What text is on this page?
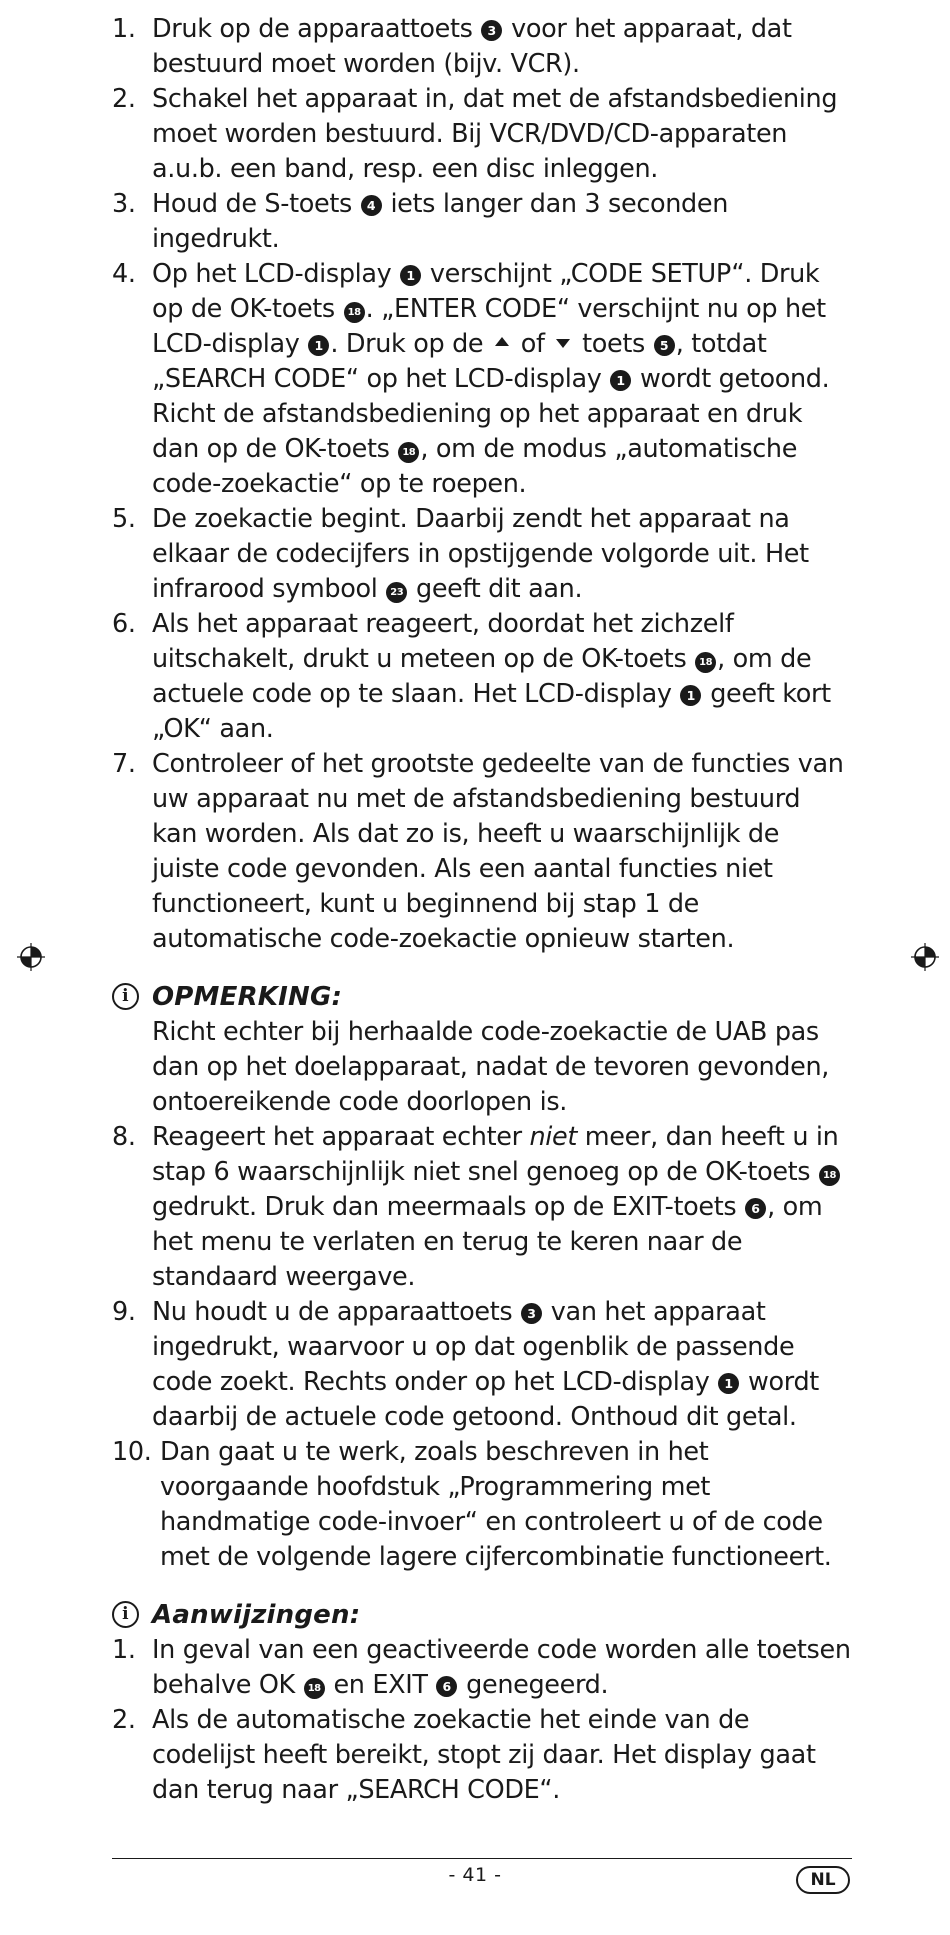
1. Druk op de apparaattoets 3 voor het apparaat, dat bestuurd moet worden (bijv. VCR).
2. Schakel het apparaat in, dat met de afstandsbediening moet worden bestuurd. Bij VCR/DVD/CD-apparaten a.u.b. een band, resp. een disc inleggen.
3. Houd de S-toets 4 iets langer dan 3 seconden ingedrukt.
4. Op het LCD-display 1 verschijnt „CODE SETUP“. Druk op de OK-toets 18 . „ENTER CODE“ verschijnt nu op het LCD-display 1 . Druk op de  of  toets 5 , totdat „SEARCH CODE“ op het LCD-display 1 wordt getoond. Richt de afstandsbediening op het apparaat en druk dan op de OK-toets 18 , om de modus „automatische code-zoekactie“ op te roepen.
5. De zoekactie begint. Daarbij zendt het apparaat na elkaar de codecijfers in opstijgende volgorde uit. Het infrarood symbool 23 geeft dit aan.
6. Als het apparaat reageert, doordat het zichzelf uitschakelt, drukt u meteen op de OK-toets 18 , om de actuele code op te slaan. Het LCD-display 1 geeft kort „OK“ aan.
7. Controleer of het grootste gedeelte van de functies van uw apparaat nu met de afstandsbediening bestuurd kan worden. Als dat zo is, heeft u waarschijnlijk de juiste code gevonden. Als een aantal functies niet functioneert, kunt u beginnend bij stap 1 de automatische code-zoekactie opnieuw starten.
i OPMERKING:
Richt echter bij herhaalde code-zoekactie de UAB pas dan op het doelapparaat, nadat de tevoren gevonden, ontoereikende code doorlopen is.
8. Reageert het apparaat echter niet meer, dan heeft u in stap 6 waarschijnlijk niet snel genoeg op de OK-toets 18 gedrukt. Druk dan meermaals op de EXIT-toets 6 , om het menu te verlaten en terug te keren naar de standaard weergave.
9. Nu houdt u de apparaattoets 3 van het apparaat ingedrukt, waarvoor u op dat ogenblik de passende code zoekt. Rechts onder op het LCD-display 1 wordt daarbij de actuele code getoond. Onthoud dit getal.
10. Dan gaat u te werk, zoals beschreven in het voorgaande hoofdstuk „Programmering met handmatige code-invoer“ en controleert u of de code met de volgende lagere cijfercombinatie functioneert.
i Aanwijzingen:
1. In geval van een geactiveerde code worden alle toetsen behalve OK 18 en EXIT 6 genegeerd.
2. Als de automatische zoekactie het einde van de codelijst heeft bereikt, stopt zij daar. Het display gaat dan terug naar „SEARCH CODE“.
- 41 -	NL
